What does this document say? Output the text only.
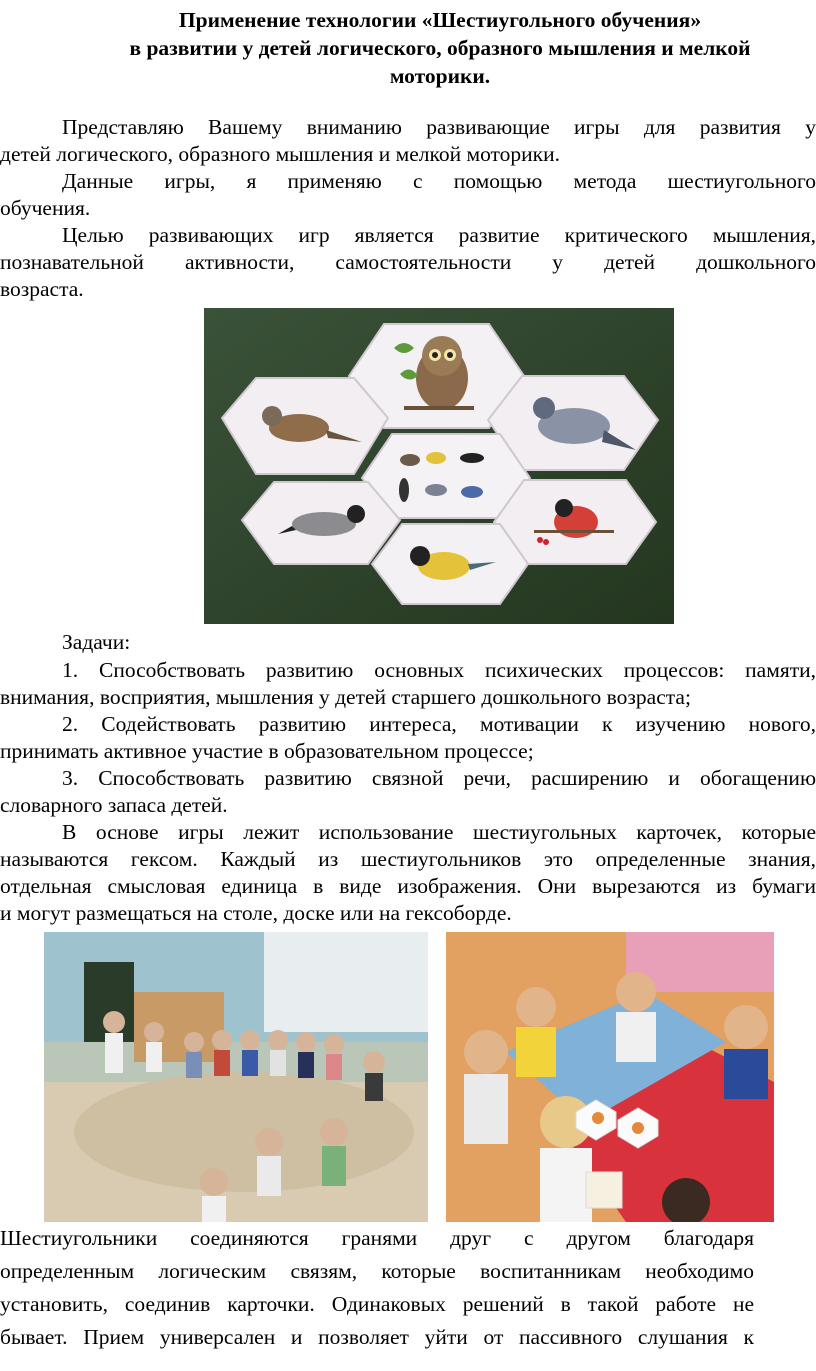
Применение технологии «Шестиугольного обучения»
в развитии у детей логического, образного мышления и мелкой
моторики.
Представляю Вашему вниманию развивающие игры для развития у
детей логического, образного мышления и мелкой моторики.
Данные игры, я применяю с помощью метода шестиугольного
обучения.
Целью развивающих игр является развитие критического мышления,
познавательной активности, самостоятельности у детей дошкольного
возраста.
Задачи:
1. Способствовать развитию основных психических процессов: памяти,
внимания, восприятия, мышления у детей старшего дошкольного возраста;
2. Содействовать развитию интереса, мотивации к изучению нового,
принимать активное участие в образовательном процессе;
3. Способствовать развитию связной речи, расширению и обогащению
словарного запаса детей.
В основе игры лежит использование шестиугольных карточек, которые
называются гексом. Каждый из шестиугольников это определенные знания,
отдельная смысловая единица в виде изображения. Они вырезаются из бумаги
и могут размещаться на столе, доске или на гексоборде.
Шестиугольники соединяются гранями друг с другом благодаря
определенным логическим связям, которые воспитанникам необходимо
установить, соединив карточки. Одинаковых решений в такой работе не
бывает. Прием универсален и позволяет уйти от пассивного слушания к
